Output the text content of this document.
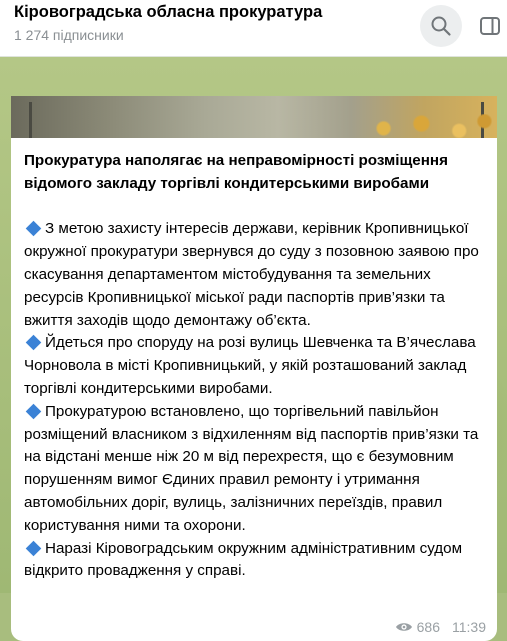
Кіровоградська обласна прокуратура
1 274 підписники

Прокуратура наполягає на неправомірності розміщення відомого закладу торгівлі кондитерськими виробами

З метою захисту інтересів держави, керівник Кропивницької окружної прокуратури звернувся до суду з позовною заявою про скасування департаментом містобудування та земельних ресурсів Кропивницької міської ради паспортів прив’язки та вжиття заходів щодо демонтажу об’єкта.

Йдеться про споруду на розі вулиць Шевченка та В’ячеслава Чорновола в місті Кропивницький, у якій розташований заклад торгівлі кондитерськими виробами.

Прокуратурою встановлено, що торгівельний павільйон розміщений власником з відхиленням від паспортів прив’язки та на відстані менше ніж 20 м від перехрестя, що є безумовним порушенням вимог Єдиних правил ремонту і утримання автомобільних доріг, вулиць, залізничних переїздів, правил користування ними та охорони.

Наразі Кіровоградським окружним адміністративним судом відкрито провадження у справі.

686 11:39
